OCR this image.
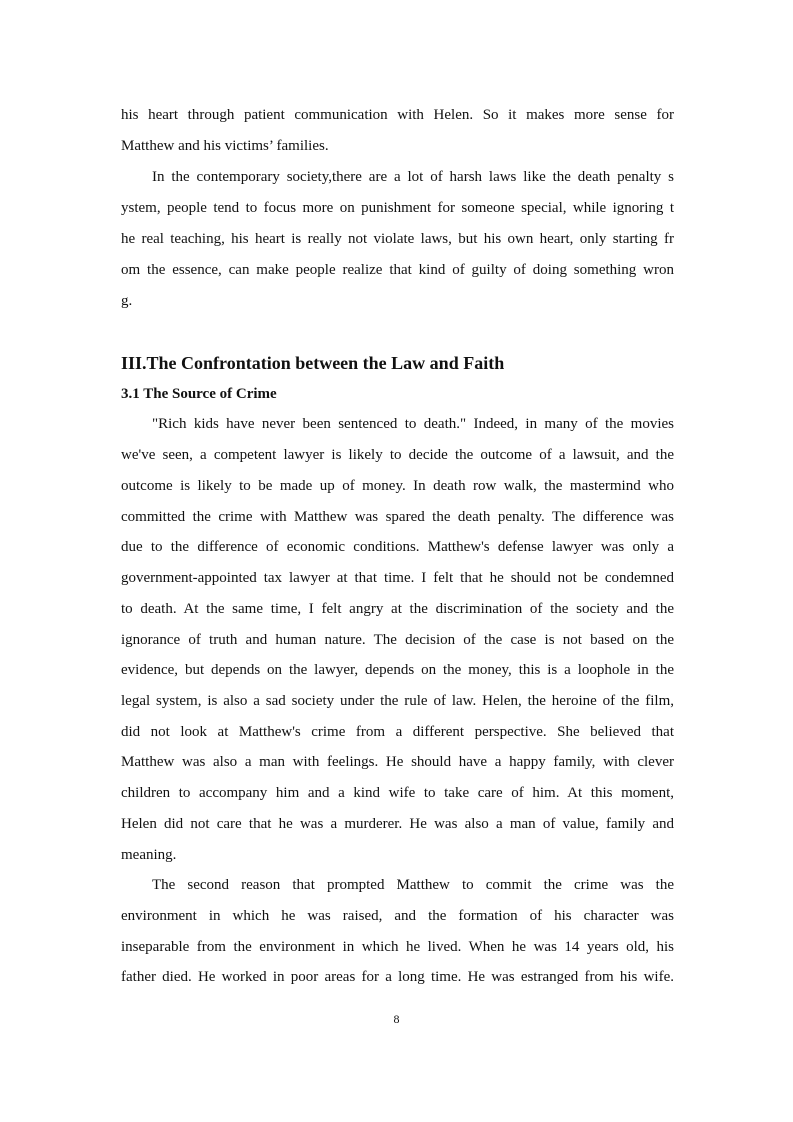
his heart through patient communication with Helen. So it makes more sense for
Matthew and his victims’ families.
In the contemporary society,there are a lot of harsh laws like the death penalty s
ystem, people tend to focus more on punishment for someone special, while ignoring t
he real teaching, his heart is really not violate laws, but his own heart, only starting fr
om the essence, can make people realize that kind of guilty of doing something wron
g.
III.The Confrontation between the Law and Faith
3.1 The Source of Crime
"Rich kids have never been sentenced to death." Indeed, in many of the movies
we've seen, a competent lawyer is likely to decide the outcome of a lawsuit, and the
outcome is likely to be made up of money. In death row walk, the mastermind who
committed the crime with Matthew was spared the death penalty. The difference was
due to the difference of economic conditions. Matthew's defense lawyer was only a
government-appointed tax lawyer at that time. I felt that he should not be condemned
to death. At the same time, I felt angry at the discrimination of the society and the
ignorance of truth and human nature. The decision of the case is not based on the
evidence, but depends on the lawyer, depends on the money, this is a loophole in the
legal system, is also a sad society under the rule of law. Helen, the heroine of the film,
did not look at Matthew's crime from a different perspective. She believed that
Matthew was also a man with feelings. He should have a happy family, with clever
children to accompany him and a kind wife to take care of him. At this moment,
Helen did not care that he was a murderer. He was also a man of value, family and
meaning.
The second reason that prompted Matthew to commit the crime was the
environment in which he was raised, and the formation of his character was
inseparable from the environment in which he lived. When he was 14 years old, his
father died. He worked in poor areas for a long time. He was estranged from his wife.
8
